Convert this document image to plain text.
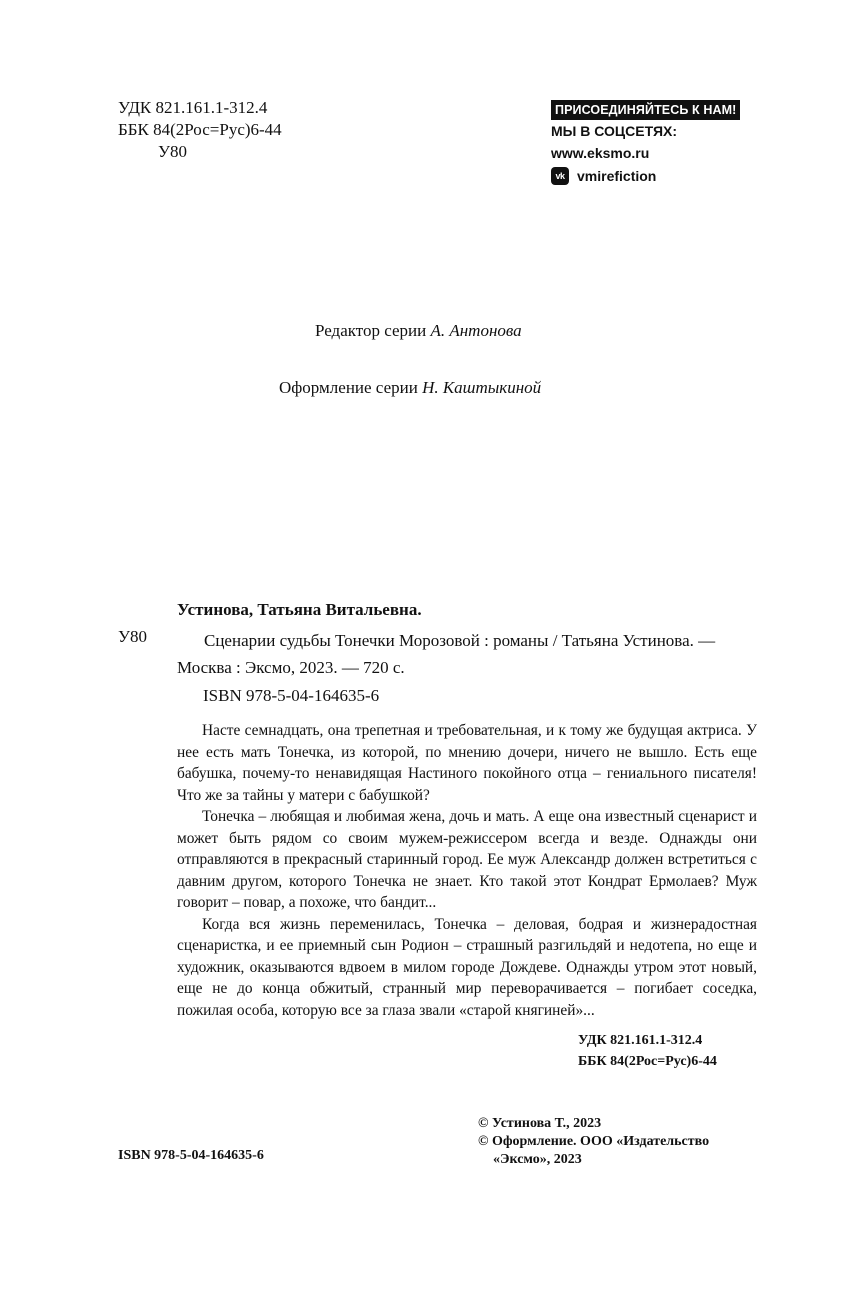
УДК 821.161.1-312.4
ББК 84(2Рос=Рус)6-44
У80
ПРИСОЕДИНЯЙТЕСЬ К НАМ!
МЫ В СОЦСЕТЯХ:
www.eksmo.ru
vk vmirefiction
Редактор серии А. Антонова
Оформление серии Н. Каштыкиной
Устинова, Татьяна Витальевна.
У80	Сценарии судьбы Тонечки Морозовой : романы / Татьяна Устинова. — Москва : Эксмо, 2023. — 720 с.
ISBN 978-5-04-164635-6

Насте семнадцать, она трепетная и требовательная, и к тому же будущая актриса. У нее есть мать Тонечка, из которой, по мнению дочери, ничего не вышло. Есть еще бабушка, почему-то ненавидящая Настиного покойного отца – гениального писателя! Что же за тайны у матери с бабушкой?

Тонечка – любящая и любимая жена, дочь и мать. А еще она известный сценарист и может быть рядом со своим мужем-режиссером всегда и везде. Однажды они отправляются в прекрасный старинный город. Ее муж Александр должен встретиться с давним другом, которого Тонечка не знает. Кто такой этот Кондрат Ермолаев? Муж говорит – повар, а похоже, что бандит...

Когда вся жизнь переменилась, Тонечка – деловая, бодрая и жизнерадостная сценаристка, и ее приемный сын Родион – страшный разгильдяй и недотепа, но еще и художник, оказываются вдвоем в милом городе Дождеве. Однажды утром этот новый, еще не до конца обжитый, странный мир переворачивается – погибает соседка, пожилая особа, которую все за глаза звали «старой княгиней»...

УДК 821.161.1-312.4
ББК 84(2Рос=Рус)6-44
ISBN 978-5-04-164635-6
© Устинова Т., 2023
© Оформление. ООО «Издательство
«Эксмо», 2023
